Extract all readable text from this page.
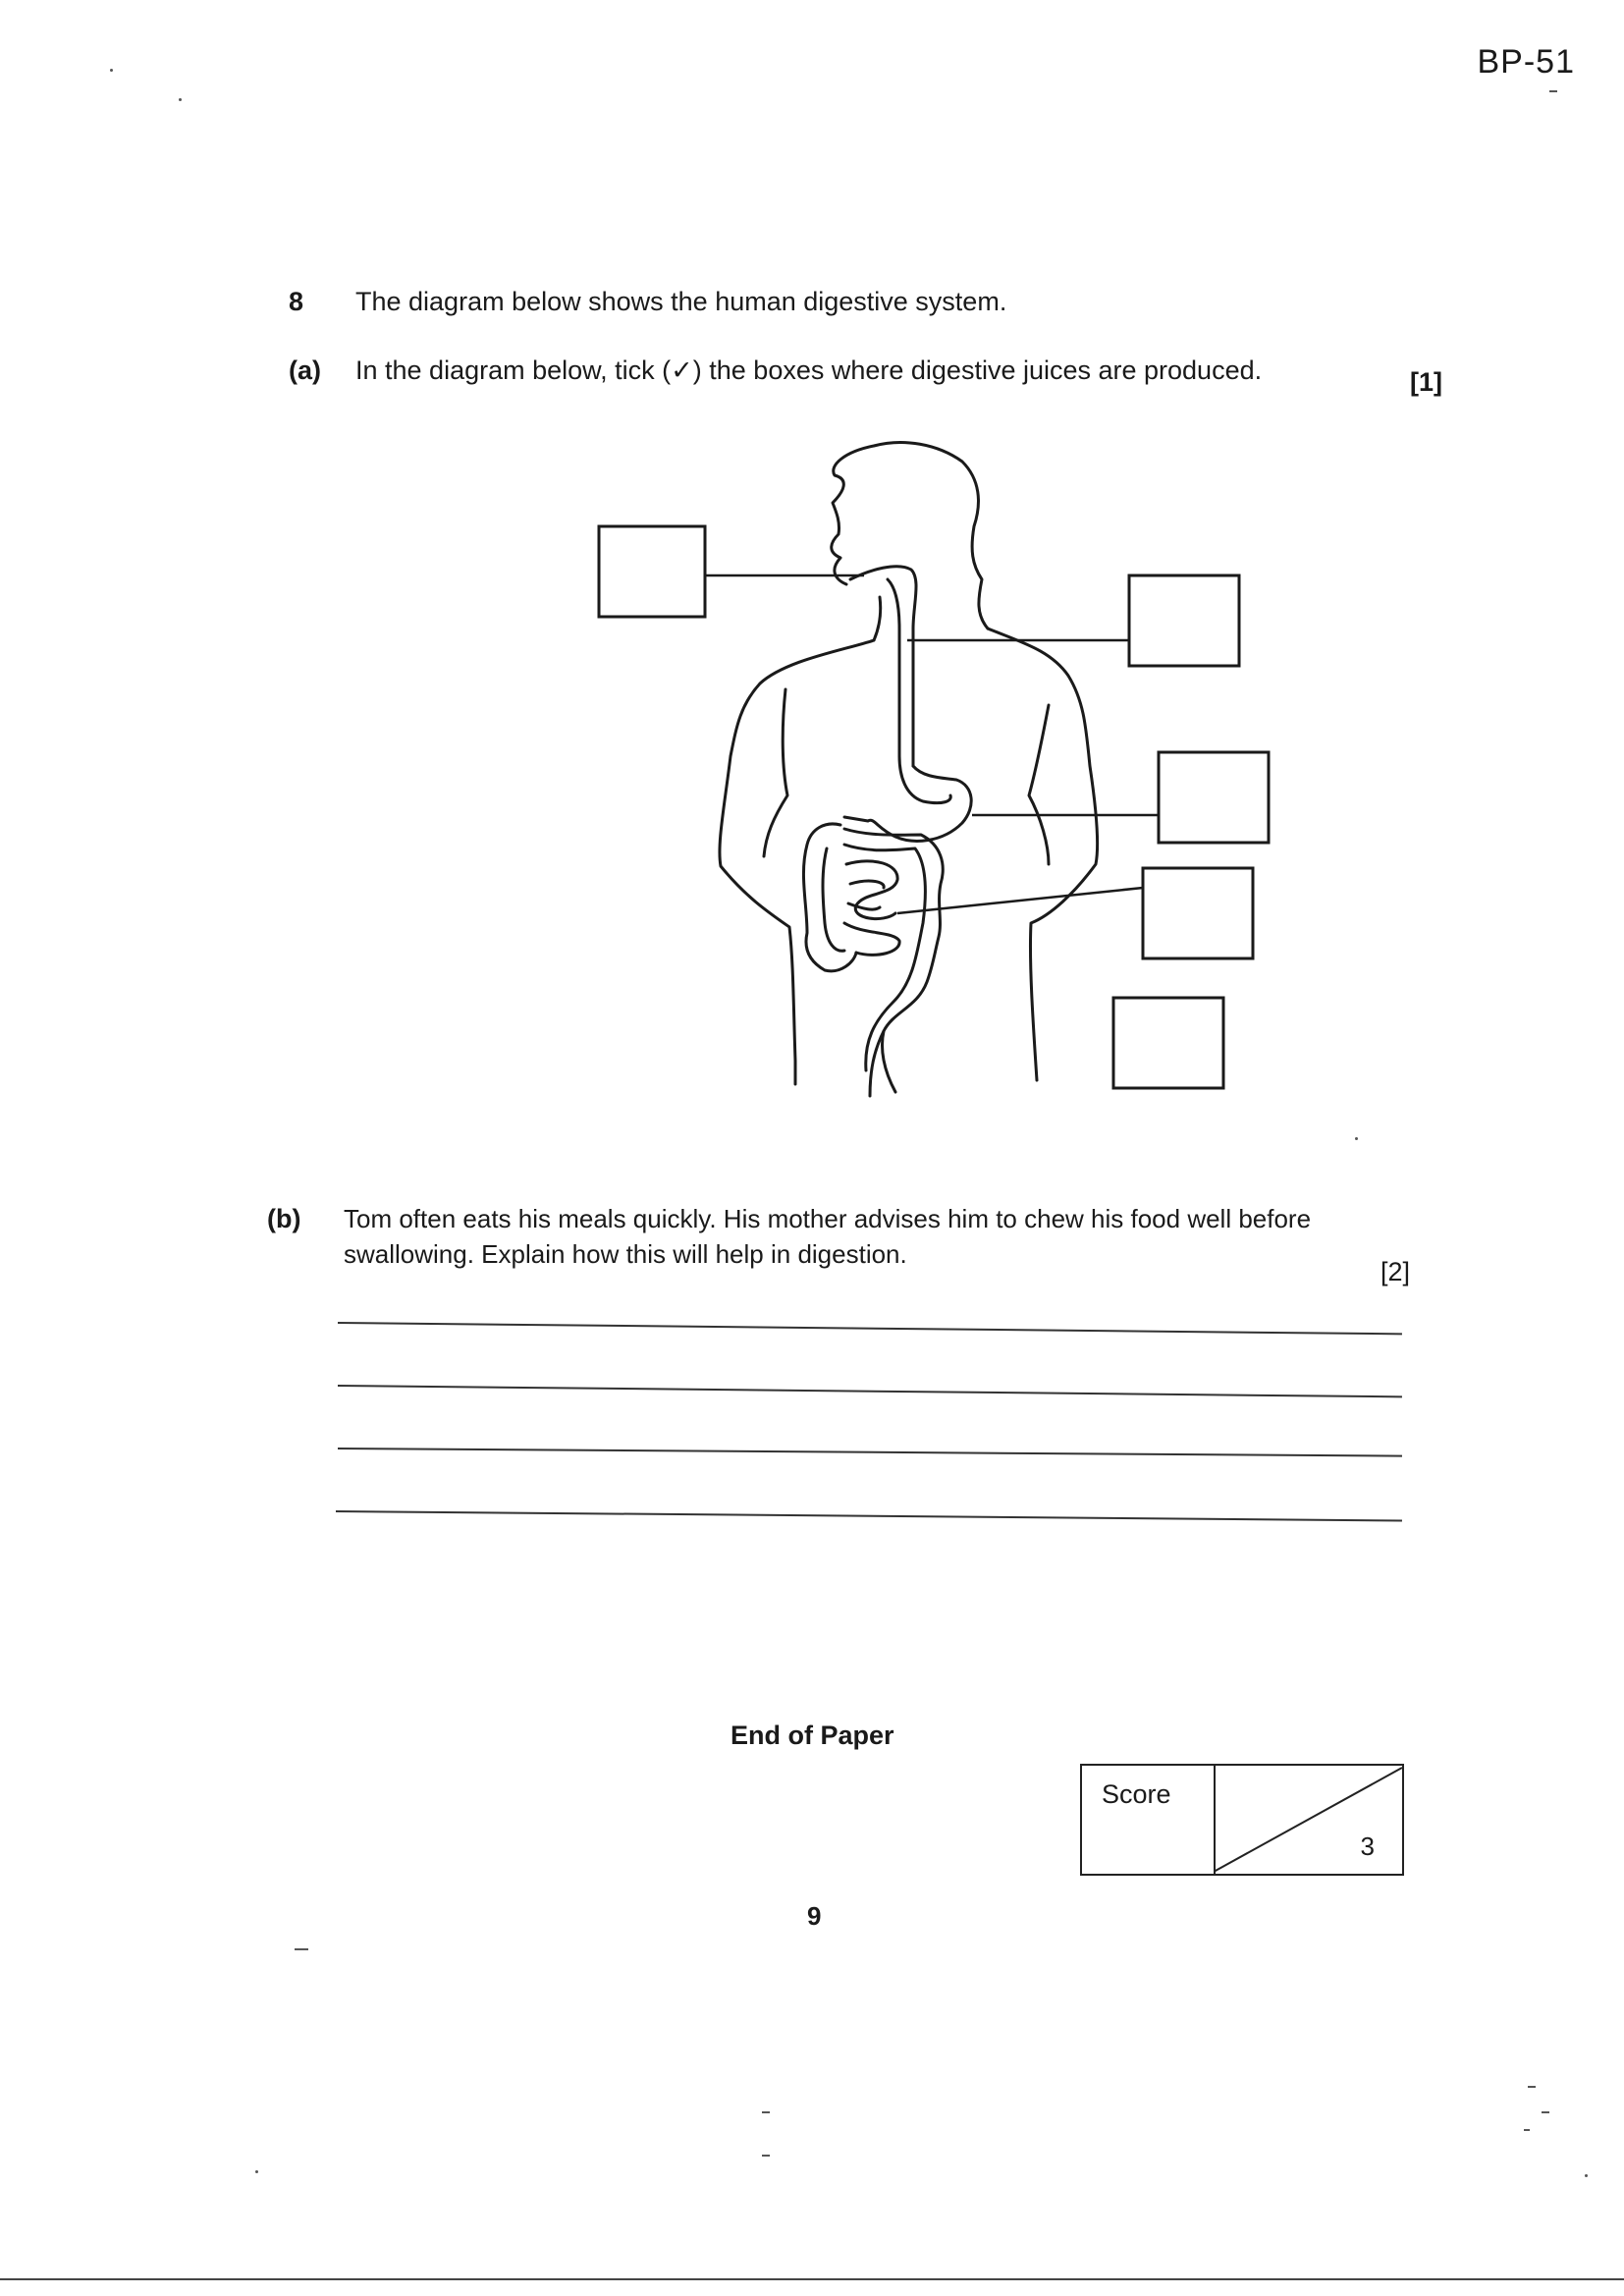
BP-51
8 The diagram below shows the human digestive system.
(a) In the diagram below, tick (✓) the boxes where digestive juices are produced.	[1]
(b) Tom often eats his meals quickly. His mother advises him to chew his food well before
swallowing. Explain how this will help in digestion.
[2]
End of Paper
Score
3
9
